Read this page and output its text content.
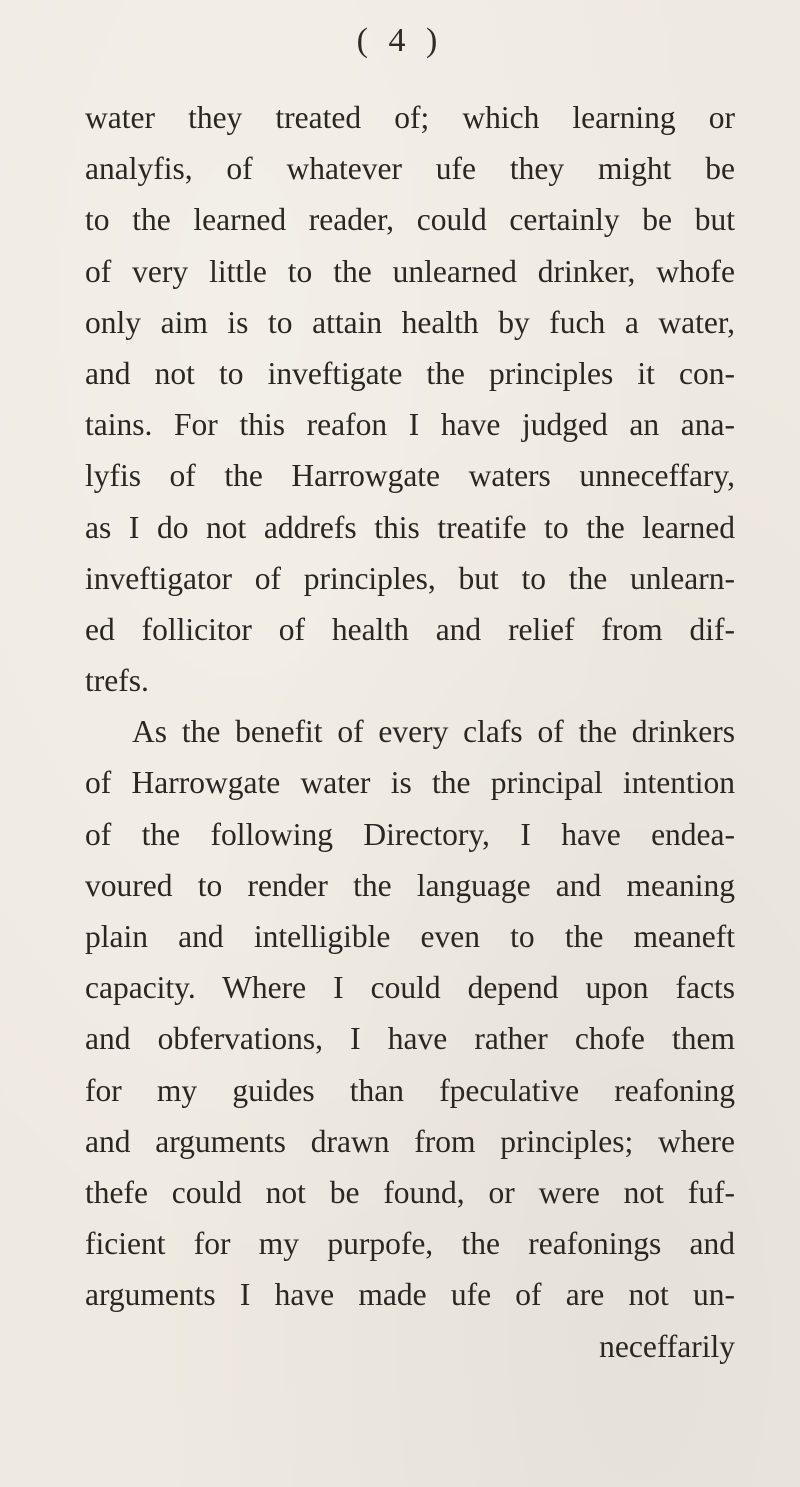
( 4 )
water they treated of; which learning or
analyfis, of whatever ufe they might be
to the learned reader, could certainly be but
of very little to the unlearned drinker, whofe
only aim is to attain health by fuch a water,
and not to inveftigate the principles it con-
tains. For this reafon I have judged an ana-
lyfis of the Harrowgate waters unneceffary,
as I do not addrefs this treatife to the learned
inveftigator of principles, but to the unlearn-
ed follicitor of health and relief from dif-
trefs.
As the benefit of every clafs of the drinkers
of Harrowgate water is the principal intention
of the following Directory, I have endea-
voured to render the language and meaning
plain and intelligible even to the meaneft
capacity. Where I could depend upon facts
and obfervations, I have rather chofe them
for my guides than fpeculative reafoning
and arguments drawn from principles; where
thefe could not be found, or were not fuf-
ficient for my purpofe, the reafonings and
arguments I have made ufe of are not un-
neceffarily
